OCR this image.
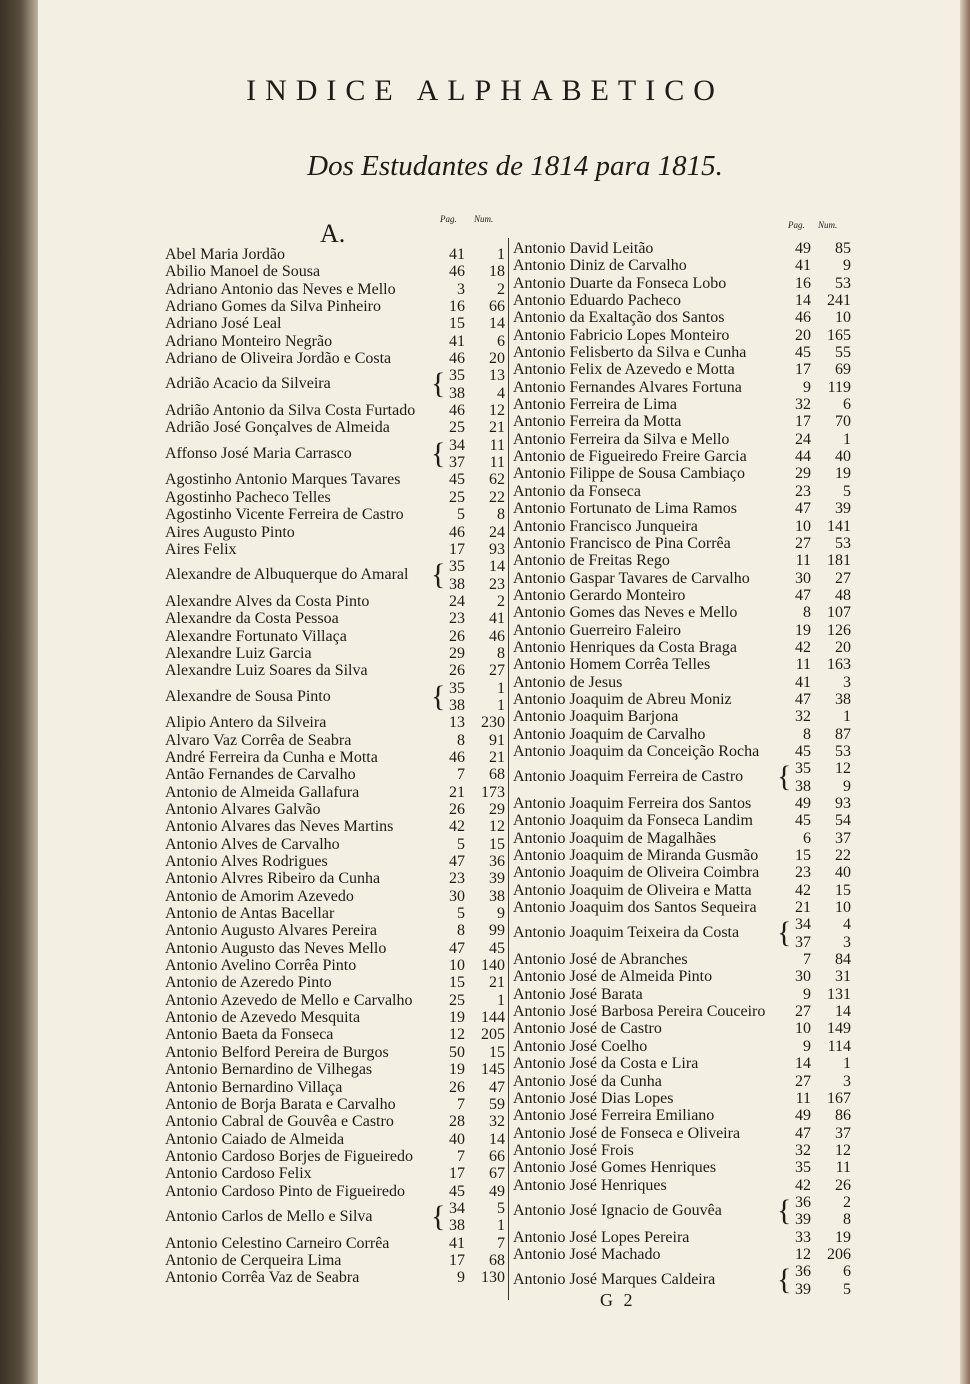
INDICE ALPHABETICO
Dos Estudantes de 1814 para 1815.
A.	Pag. Num.
Pag. Num.
Abel Maria Jordão	41	1
Abilio Manoel de Sousa	46	18
Adriano Antonio das Neves e Mello	3	2
Adriano Gomes da Silva Pinheiro	16	66
Adriano José Leal	15	14
Adriano Monteiro Negrão	41	6
Adriano de Oliveira Jordão e Costa	46	20
Adrião Acacio da Silveira	{ 35	13
38	4
Adrião Antonio da Silva Costa Furtado	46	12
Adrião José Gonçalves de Almeida	25	21
Affonso José Maria Carrasco	{ 34	11
37	11
Agostinho Antonio Marques Tavares	45	62
Agostinho Pacheco Telles	25	22
Agostinho Vicente Ferreira de Castro	5	8
Aires Augusto Pinto	46	24
Aires Felix	17	93
Alexandre de Albuquerque do Amaral { 35	14
38	23
Alexandre Alves da Costa Pinto	24	2
Alexandre da Costa Pessoa	23	41
Alexandre Fortunato Villaça	26	46
Alexandre Luiz Garcia	29	8
Alexandre Luiz Soares da Silva	26	27
Alexandre de Sousa Pinto	{ 35	1
38	1
Alipio Antero da Silveira	13	230
Alvaro Vaz Corrêa de Seabra	8	91
André Ferreira da Cunha e Motta	46	21
Antão Fernandes de Carvalho	7	68
Antonio de Almeida Gallafura	21	173
Antonio Alvares Galvão	26	29
Antonio Alvares das Neves Martins	42	12
Antonio Alves de Carvalho	5	15
Antonio Alves Rodrigues	47	36
Antonio Alvres Ribeiro da Cunha	23	39
Antonio de Amorim Azevedo	30	38
Antonio de Antas Bacellar	5	9
Antonio Augusto Alvares Pereira	8	99
Antonio Augusto das Neves Mello	47	45
Antonio Avelino Corrêa Pinto	10	140
Antonio de Azeredo Pinto	15	21
Antonio Azevedo de Mello e Carvalho	25	1
Antonio de Azevedo Mesquita	19	144
Antonio Baeta da Fonseca	12	205
Antonio Belford Pereira de Burgos	50	15
Antonio Bernardino de Vilhegas	19	145
Antonio Bernardino Villaça	26	47
Antonio de Borja Barata e Carvalho	7	59
Antonio Cabral de Gouvêa e Castro	28	32
Antonio Caiado de Almeida	40	14
Antonio Cardoso Borjes de Figueiredo	7	66
Antonio Cardoso Felix	17	67
Antonio Cardoso Pinto de Figueiredo	45	49
Antonio Carlos de Mello e Silva { 34	5
38	1
Antonio Celestino Carneiro Corrêa	41	7
Antonio de Cerqueira Lima	17	68
Antonio Corrêa Vaz de Seabra	9	130
Antonio David Leitão	49	85
Antonio Diniz de Carvalho	41	9
Antonio Duarte da Fonseca Lobo	16	53
Antonio Eduardo Pacheco	14	241
Antonio da Exaltação dos Santos	46	10
Antonio Fabricio Lopes Monteiro	20	165
Antonio Felisberto da Silva e Cunha	45	55
Antonio Felix de Azevedo e Motta	17	69
Antonio Fernandes Alvares Fortuna	9	119
Antonio Ferreira de Lima	32	6
Antonio Ferreira da Motta	17	70
Antonio Ferreira da Silva e Mello	24	1
Antonio de Figueiredo Freire Garcia	44	40
Antonio Filippe de Sousa Cambiaço	29	19
Antonio da Fonseca	23	5
Antonio Fortunato de Lima Ramos	47	39
Antonio Francisco Junqueira	10	141
Antonio Francisco de Pina Corrêa	27	53
Antonio de Freitas Rego	11	181
Antonio Gaspar Tavares de Carvalho	30	27
Antonio Gerardo Monteiro	47	48
Antonio Gomes das Neves e Mello	8	107
Antonio Guerreiro Faleiro	19	126
Antonio Henriques da Costa Braga	42	20
Antonio Homem Corrêa Telles	11	163
Antonio de Jesus	41	3
Antonio Joaquim de Abreu Moniz	47	38
Antonio Joaquim Barjona	32	1
Antonio Joaquim de Carvalho	8	87
Antonio Joaquim da Conceição Rocha	45	53
Antonio Joaquim Ferreira de Castro { 35	12
38	9
Antonio Joaquim Ferreira dos Santos	49	93
Antonio Joaquim da Fonseca Landim	45	54
Antonio Joaquim de Magalhães	6	37
Antonio Joaquim de Miranda Gusmão	15	22
Antonio Joaquim de Oliveira Coimbra	23	40
Antonio Joaquim de Oliveira e Matta	42	15
Antonio Joaquim dos Santos Sequeira	21	10
Antonio Joaquim Teixeira da Costa { 34	4
37	3
Antonio José de Abranches	7	84
Antonio José de Almeida Pinto	30	31
Antonio José Barata	9	131
Antonio José Barbosa Pereira Couceiro	27	14
Antonio José de Castro	10	149
Antonio José Coelho	9	114
Antonio José da Costa e Lira	14	1
Antonio José da Cunha	27	3
Antonio José Dias Lopes	11	167
Antonio José Ferreira Emiliano	49	86
Antonio José de Fonseca e Oliveira	47	37
Antonio José Frois	32	12
Antonio José Gomes Henriques	35	11
Antonio José Henriques	42	26
Antonio José Ignacio de Gouvêa { 36	2
39	8
Antonio José Lopes Pereira	33	19
Antonio José Machado	12	206
Antonio José Marques Caldeira { 36	6
39	5
G 2
